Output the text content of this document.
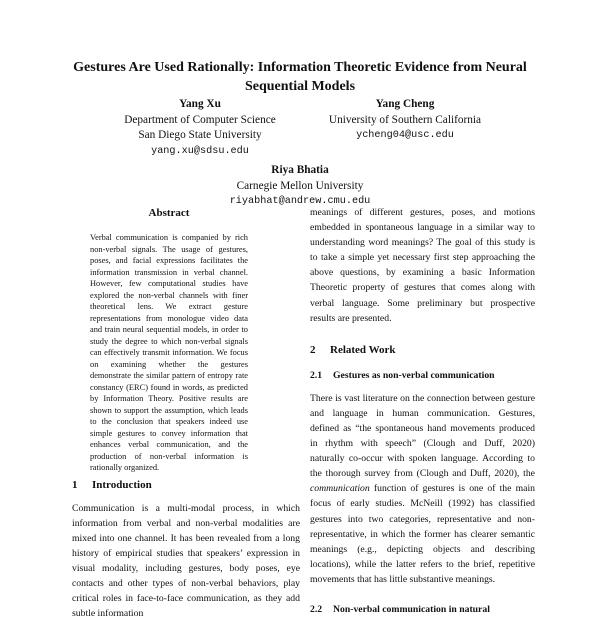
Gestures Are Used Rationally: Information Theoretic Evidence from Neural Sequential Models
Yang Xu
Department of Computer Science
San Diego State University
yang.xu@sdsu.edu
Yang Cheng
University of Southern California
ycheng04@usc.edu
Riya Bhatia
Carnegie Mellon University
riyabhat@andrew.cmu.edu
Abstract

Verbal communication is companied by rich non-verbal signals. The usage of gestures, poses, and facial expressions facilitates the information transmission in verbal channel. However, few computational studies have explored the non-verbal channels with finer theoretical lens. We extract gesture representations from monologue video data and train neural sequential models, in order to study the degree to which non-verbal signals can effectively transmit information. We focus on examining whether the gestures demonstrate the similar pattern of entropy rate constancy (ERC) found in words, as predicted by Information Theory. Positive results are shown to support the assumption, which leads to the conclusion that speakers indeed use simple gestures to convey information that enhances verbal communication, and the production of non-verbal information is rationally organized.

1 Introduction

Communication is a multi-modal process, in which information from verbal and non-verbal modalities are mixed into one channel. It has been revealed from a long history of empirical studies that speakers’ expression in visual modality, including gestures, body poses, eye contacts and other types of non-verbal behaviors, play critical roles in face-to-face communication, as they add subtle information

meanings of different gestures, poses, and motions embedded in spontaneous language in a similar way to understanding word meanings? The goal of this study is to take a simple yet necessary first step approaching the above questions, by examining a basic Information Theoretic property of gestures that comes along with verbal language. Some preliminary but prospective results are presented.

2 Related Work
2.1 Gestures as non-verbal communication

There is vast literature on the connection between gesture and language in human communication. Gestures, defined as “the spontaneous hand movements produced in rhythm with speech” (Clough and Duff, 2020) naturally co-occur with spoken language. According to the thorough survey from (Clough and Duff, 2020), the communication function of gestures is one of the main focus of early studies. McNeill (1992) has classified gestures into two categories, representative and non-representative, in which the former has clearer semantic meanings (e.g., depicting objects and describing locations), while the latter refers to the brief, repetitive movements that has little substantive meanings.

2.2 Non-verbal communication in natural
